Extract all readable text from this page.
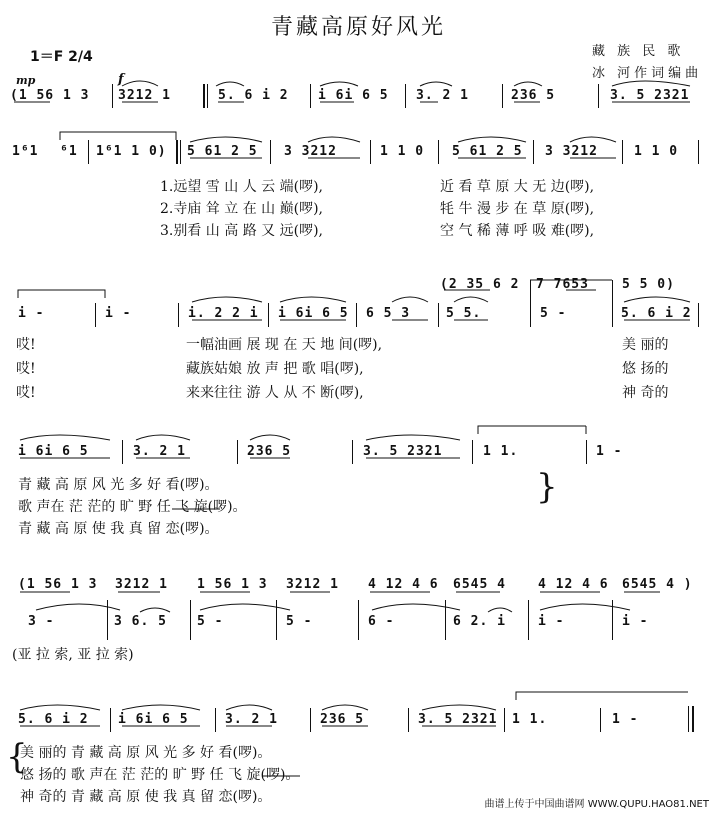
青藏高原好风光
1＝F 2/4	藏 族 民 歌
冰 河作词编曲
mp	f
(1 56 1 3 3212 1	5. 6 i 2 i 6i 6 5 3. 2 1	236 5	3. 5 2321
1⁶1 ⁶1 1⁶1 1 0) 5 61 2 5 3 3212	1 1 0 5 61 2 5 3 3212	1 1 0
1.远望 雪 山 人 云 端(啰),	近 看 草 原 大 无 边(啰),
2.寺庙 耸 立 在 山 巅(啰),	牦 牛 漫 步 在 草 原(啰),
3.别看 山 高 路 又 远(啰),	空 气 稀 薄 呼 吸 难(啰),
(2 35 6 2 7 7653	5 5 0)
i -	i -	i. 2 2 i i 6i 6 5 6 5 3	5 5.	5 -	5. 6 i 2
哎!	一幅油画 展 现 在 天 地 间(啰),	美 丽的
哎!	藏族姑娘 放 声 把 歌 唱(啰),	悠 扬的
哎!	来来往往 游 人 从 不 断(啰),	神 奇的
i 6i 6 5	3. 2 1	236 5	3. 5 2321	1 1.	1 -
青 藏 高 原 风 光 多 好 看(啰)。
歌 声在 茫 茫的 旷 野 任 飞 旋(啰)。
青 藏 高 原 使 我 真 留 恋(啰)。
(1 56 1 3 3212 1 1 56 1 3 3212 1 4 12 4 6 6545 4 4 12 4 6 6545 4 )
3 -	3 6. 5 5 -	5 -	6 -	6 2. i i -	i -
(亚 拉 索, 亚 拉 索)
5. 6 i 2 i 6i 6 5	3. 2 1	236 5	3. 5 2321 1 1.	1 -
美 丽的 青 藏 高 原 风 光 多 好 看(啰)。
悠 扬的 歌 声在 茫 茫的 旷 野 任 飞 旋(啰)。
神 奇的 青 藏 高 原 使 我 真 留 恋(啰)。
}
{
曲谱上传于中国曲谱网 WWW.QUPU.HAO81.NET
